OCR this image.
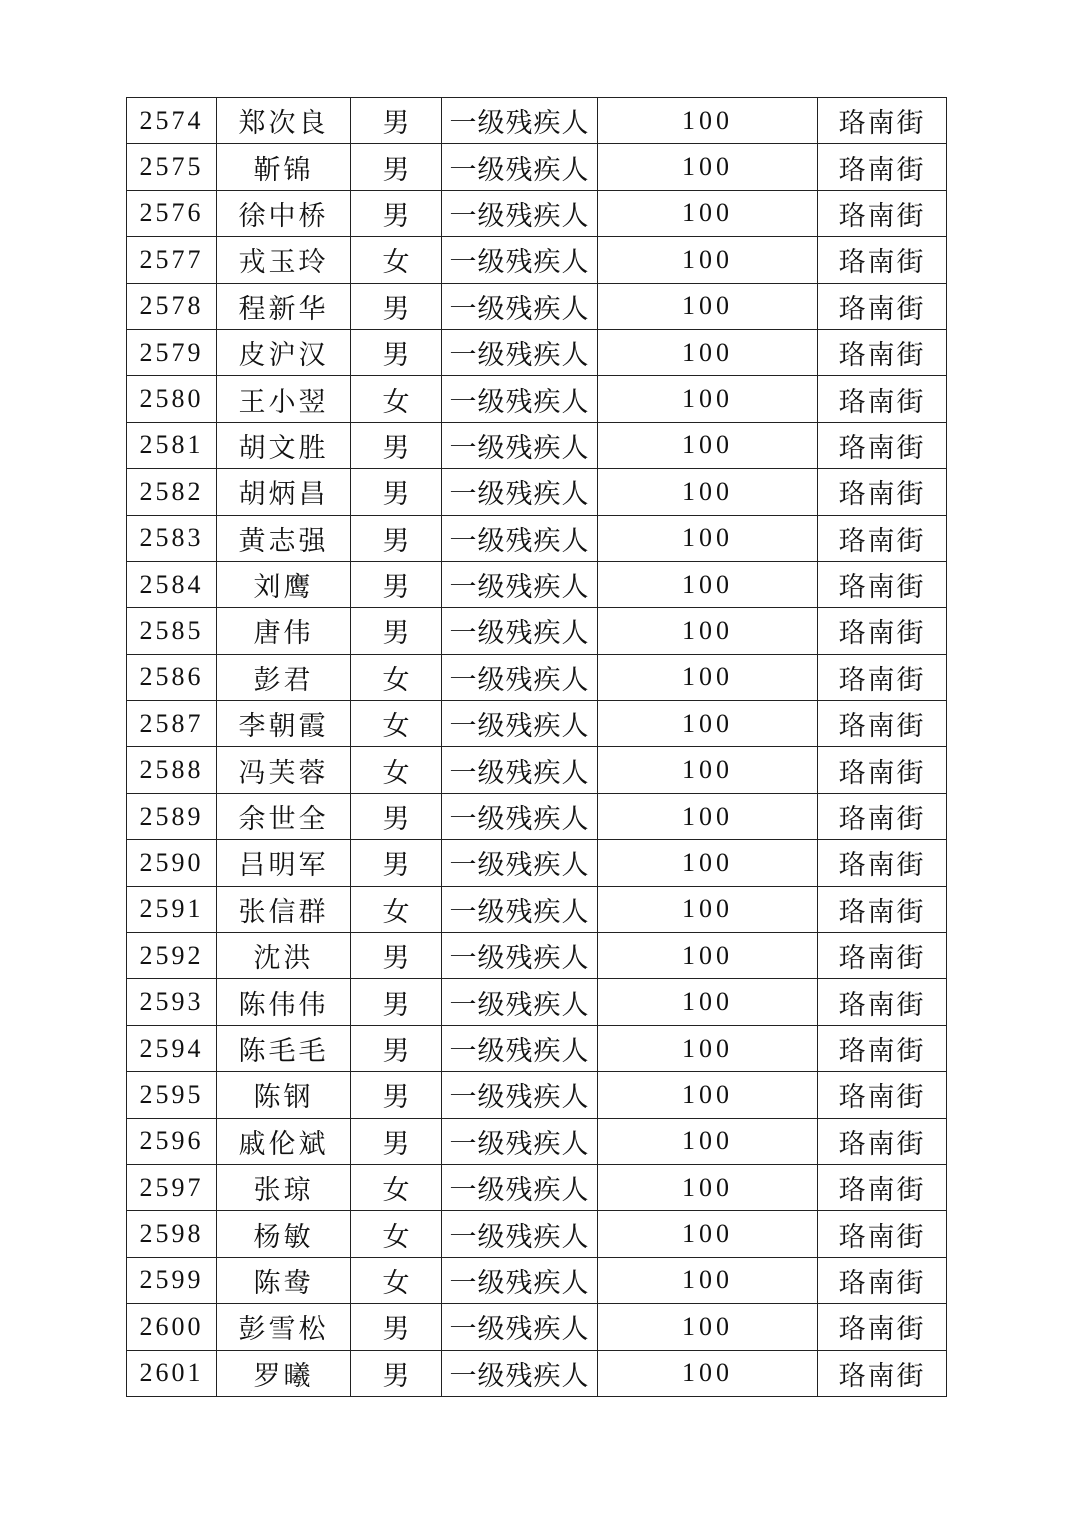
2574	郑次良	男	一级残疾人	100	珞南街
2575	靳锦	男	一级残疾人	100	珞南街
2576	徐中桥	男	一级残疾人	100	珞南街
2577	戎玉玲	女	一级残疾人	100	珞南街
2578	程新华	男	一级残疾人	100	珞南街
2579	皮沪汉	男	一级残疾人	100	珞南街
2580	王小翌	女	一级残疾人	100	珞南街
2581	胡文胜	男	一级残疾人	100	珞南街
2582	胡炳昌	男	一级残疾人	100	珞南街
2583	黄志强	男	一级残疾人	100	珞南街
2584	刘鹰	男	一级残疾人	100	珞南街
2585	唐伟	男	一级残疾人	100	珞南街
2586	彭君	女	一级残疾人	100	珞南街
2587	李朝霞	女	一级残疾人	100	珞南街
2588	冯芙蓉	女	一级残疾人	100	珞南街
2589	余世全	男	一级残疾人	100	珞南街
2590	吕明军	男	一级残疾人	100	珞南街
2591	张信群	女	一级残疾人	100	珞南街
2592	沈洪	男	一级残疾人	100	珞南街
2593	陈伟伟	男	一级残疾人	100	珞南街
2594	陈毛毛	男	一级残疾人	100	珞南街
2595	陈钢	男	一级残疾人	100	珞南街
2596	戚伦斌	男	一级残疾人	100	珞南街
2597	张琼	女	一级残疾人	100	珞南街
2598	杨敏	女	一级残疾人	100	珞南街
2599	陈鸯	女	一级残疾人	100	珞南街
2600	彭雪松	男	一级残疾人	100	珞南街
2601	罗曦	男	一级残疾人	100	珞南街
